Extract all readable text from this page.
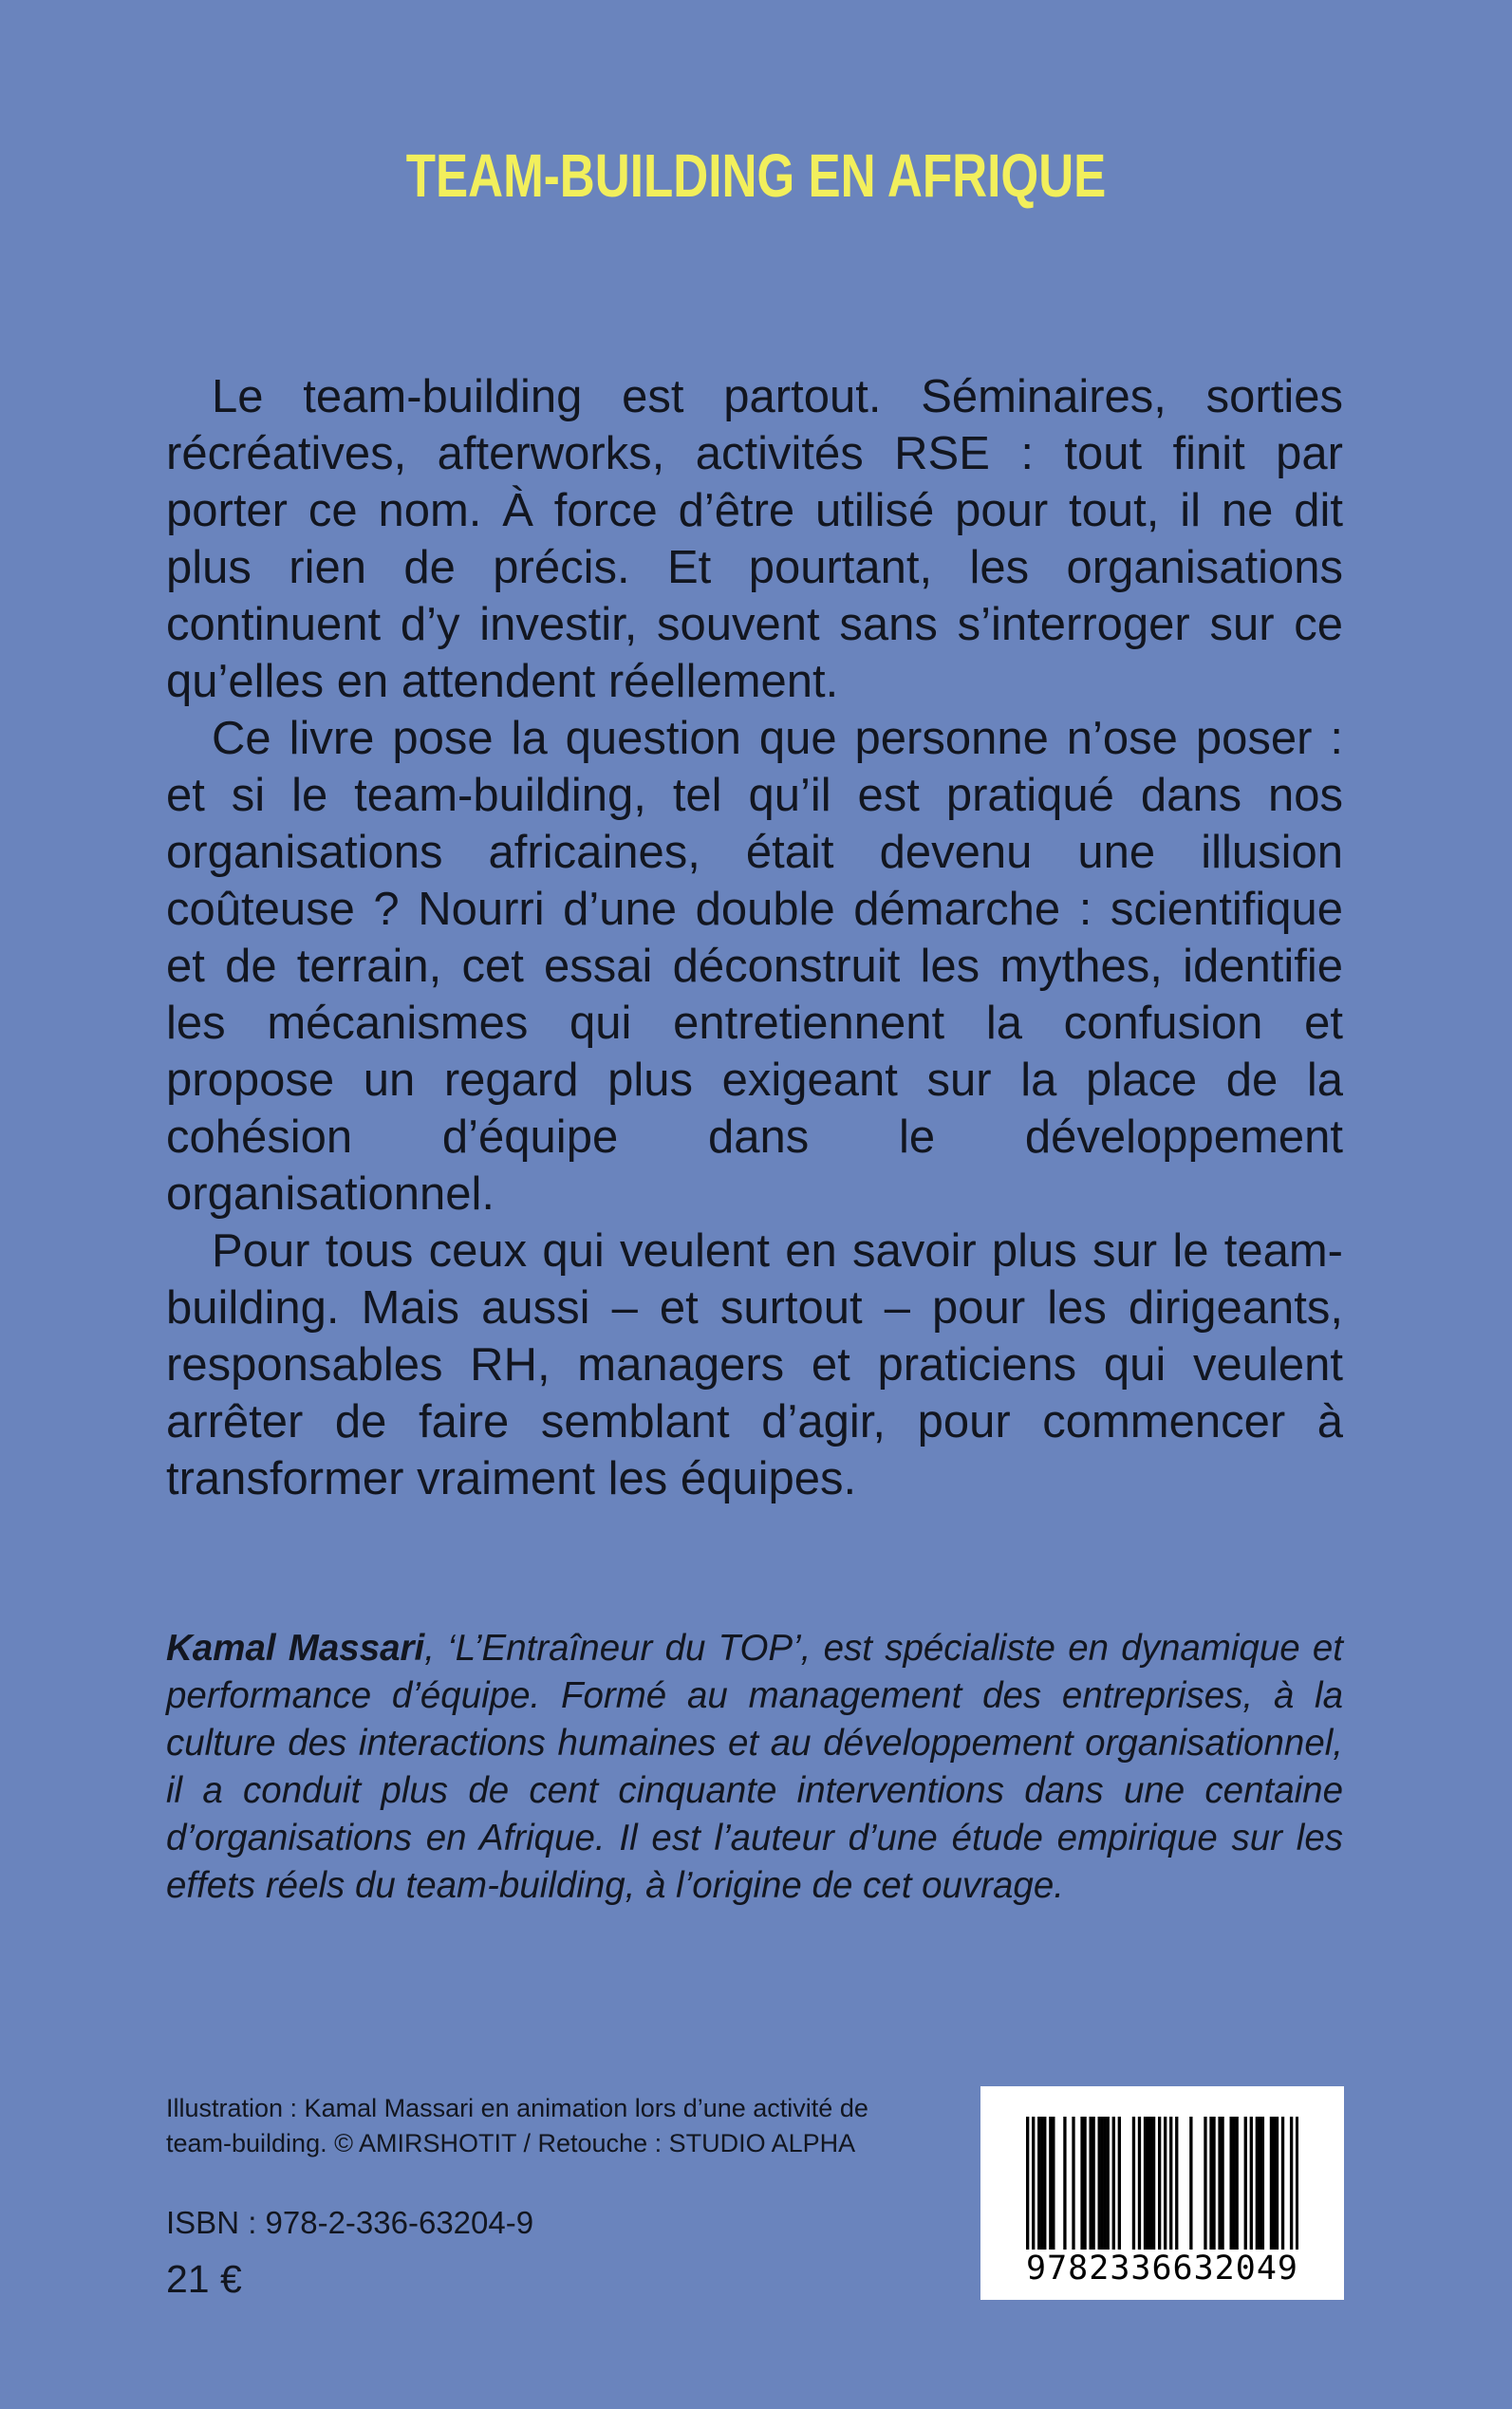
TEAM-BUILDING EN AFRIQUE

Le team-building est partout. Séminaires, sorties récréatives, afterworks, activités RSE : tout finit par porter ce nom. À force d’être utilisé pour tout, il ne dit plus rien de précis. Et pourtant, les organisations continuent d’y investir, souvent sans s’interroger sur ce qu’elles en attendent réellement.

Ce livre pose la question que personne n’ose poser : et si le team-building, tel qu’il est pratiqué dans nos organisations africaines, était devenu une illusion coûteuse ? Nourri d’une double démarche : scientifique et de terrain, cet essai déconstruit les mythes, identifie les mécanismes qui entretiennent la confusion et propose un regard plus exigeant sur la place de la cohésion d’équipe dans le développement organisationnel.

Pour tous ceux qui veulent en savoir plus sur le team-building. Mais aussi – et surtout – pour les dirigeants, responsables RH, managers et praticiens qui veulent arrêter de faire semblant d’agir, pour commencer à transformer vraiment les équipes.

Kamal Massari, ‘L’Entraîneur du TOP’, est spécialiste en dynamique et performance d’équipe. Formé au management des entreprises, à la culture des interactions humaines et au développement organisationnel, il a conduit plus de cent cinquante interventions dans une centaine d’organisations en Afrique. Il est l’auteur d’une étude empirique sur les effets réels du team-building, à l’origine de cet ouvrage.
Illustration : Kamal Massari en animation lors d’une activité de team-building. © AMIRSHOTIT / Retouche : STUDIO ALPHA
ISBN : 978-2-336-63204-9
21 €	9782336632049
